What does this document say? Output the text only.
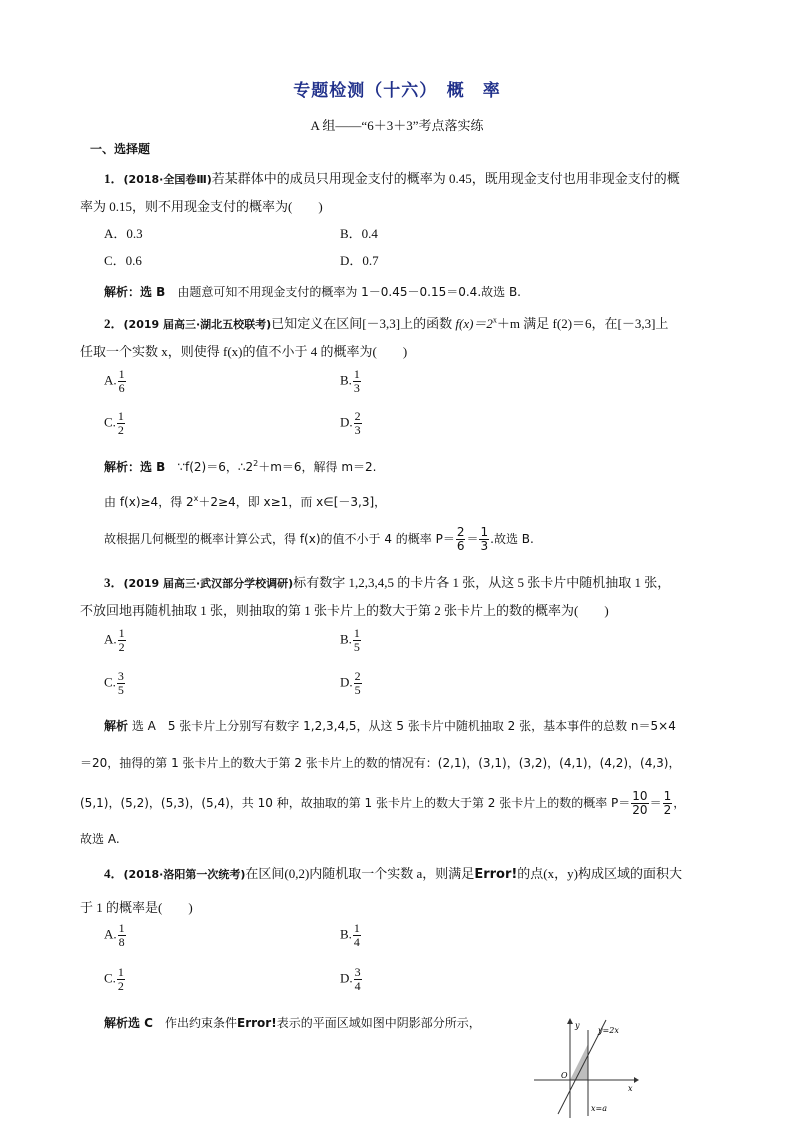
专题检测（十六）　概　率
A 组——“6＋3＋3”考点落实练
一、选择题
1．(2018·全国卷Ⅲ)若某群体中的成员只用现金支付的概率为 0.45，既用现金支付也用非现金支付的概
率为 0.15，则不用现金支付的概率为(　　)
A．0.3	B．0.4
C．0.6	D．0.7
解析：选 B　 由题意可知不用现金支付的概率为 1－0.45－0.15＝0.4.故选 B.
2．(2019 届高三·湖北五校联考)已知定义在区间[－3,3]上的函数 $f(x)=2^x+m$ 满足 f(2)＝6，在[－3,3]上
任取一个实数 x，则使得 f(x)的值不小于 4 的概率为(　　)
A. $\frac{1}{6}$	B. $\frac{1}{3}$
C. $\frac{1}{2}$	D. $\frac{2}{3}$
解析：选 B　 ∵f(2)＝6，$\therefore 2^2+m=6$，解得 m＝2.
由 f(x)≥4，得 $2^x+2\ge 4$，即 x≥1，而 x∈[－3,3]，
故根据几何概型的概率计算公式，得 f(x)的值不小于 4 的概率 $P= \frac{2}{6} = \frac{1}{3}$ .故选 B.
3．(2019 届高三·武汉部分学校调研)标有数字 1,2,3,4,5 的卡片各 1 张，从这 5 张卡片中随机抽取 1 张，
不放回地再随机抽取 1 张，则抽取的第 1 张卡片上的数大于第 2 张卡片上的数的概率为(　　)
A. $\frac{1}{2}$	B. $\frac{1}{5}$
C. $\frac{3}{5}$	D. $\frac{2}{5}$
解析 选 A　5 张卡片上分别写有数字 1,2,3,4,5，从这 5 张卡片中随机抽取 2 张，基本事件的总数 n＝5×4
＝20，抽得的第 1 张卡片上的数大于第 2 张卡片上的数的情况有：(2,1)，(3,1)，(3,2)，(4,1)，(4,2)，(4,3)，
(5,1)，(5,2)，(5,3)，(5,4)，共 10 种，故抽取的第 1 张卡片上的数大于第 2 张卡片上的数的概率 $P= \frac{10}{20} = \frac{1}{2}$ ，
故选 A.
4．(2018·洛阳第一次统考)在区间(0,2)内随机取一个实数 a，则满足Error!的点(x，y)构成区域的面积大
于 1 的概率是(　　)
A. $\frac{1}{8}$	B. $\frac{1}{4}$
C. $\frac{1}{2}$	D. $\frac{3}{4}$
解析选 C　作出约束条件Error!表示的平面区域如图中阴影部分所示，	y
y=2x
O
x
x=a
